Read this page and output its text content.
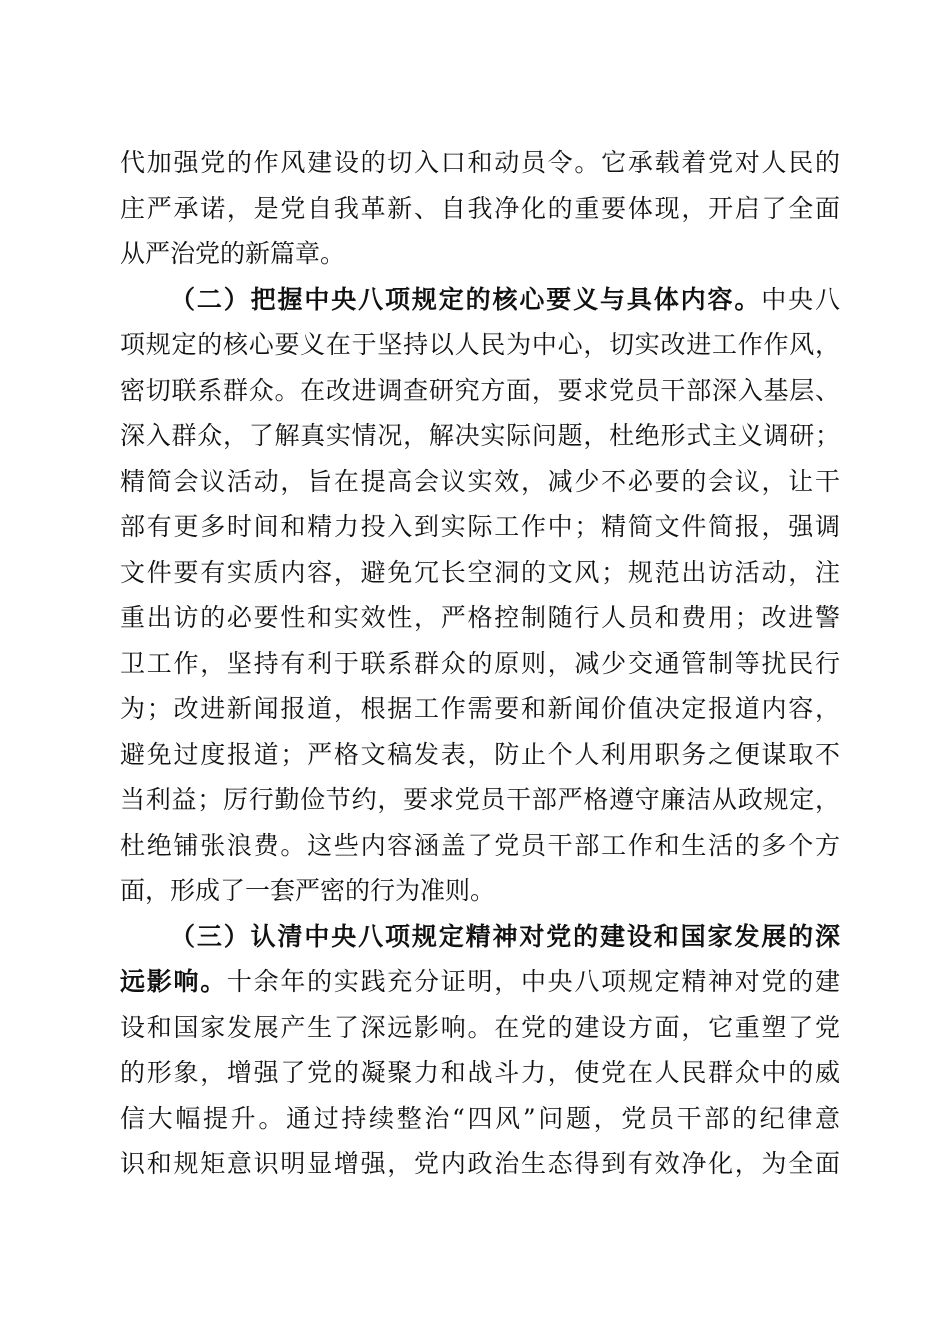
代加强党的作风建设的切入口和动员令。它承载着党对人民的
庄严承诺，是党自我革新、自我净化的重要体现，开启了全面
从严治党的新篇章。
（二）把握中央八项规定的核心要义与具体内容。中央八
项规定的核心要义在于坚持以人民为中心，切实改进工作作风，
密切联系群众。在改进调查研究方面，要求党员干部深入基层、
深入群众，了解真实情况，解决实际问题，杜绝形式主义调研；
精简会议活动，旨在提高会议实效，减少不必要的会议，让干
部有更多时间和精力投入到实际工作中；精简文件简报，强调
文件要有实质内容，避免冗长空洞的文风；规范出访活动，注
重出访的必要性和实效性，严格控制随行人员和费用；改进警
卫工作，坚持有利于联系群众的原则，减少交通管制等扰民行
为；改进新闻报道，根据工作需要和新闻价值决定报道内容，
避免过度报道；严格文稿发表，防止个人利用职务之便谋取不
当利益；厉行勤俭节约，要求党员干部严格遵守廉洁从政规定，
杜绝铺张浪费。这些内容涵盖了党员干部工作和生活的多个方
面，形成了一套严密的行为准则。
（三）认清中央八项规定精神对党的建设和国家发展的深
远影响。十余年的实践充分证明，中央八项规定精神对党的建
设和国家发展产生了深远影响。在党的建设方面，它重塑了党
的形象，增强了党的凝聚力和战斗力，使党在人民群众中的威
信大幅提升。通过持续整治“四风”问题，党员干部的纪律意
识和规矩意识明显增强，党内政治生态得到有效净化，为全面
